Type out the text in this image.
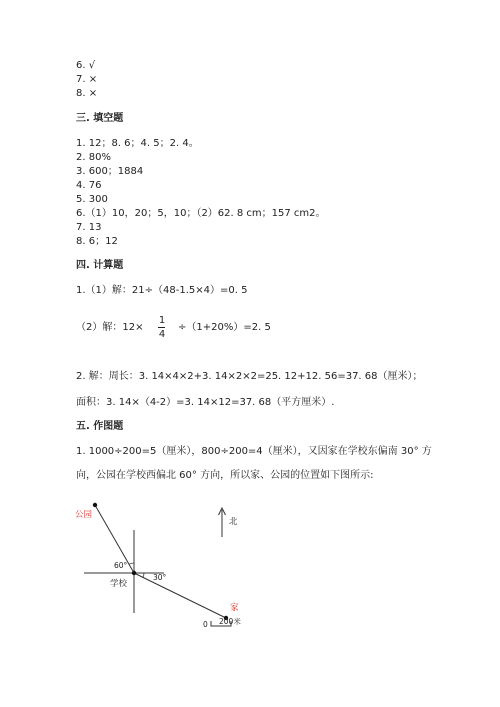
6. √
7. ×
8. ×
三. 填空题
1. 12；8. 6；4. 5；2. 4。
2. 80%
3. 600；1884
4. 76
5. 300
6.（1）10，20；5，10；（2）62. 8 cm；157 cm2。
7. 13
8. 6；12
四. 计算题
1.（1）解：21÷（48-1.5×4）=0. 5
（2）解：12×
1
4
÷（1+20%）=2. 5
2. 解：周长：3. 14×4×2+3. 14×2×2=25. 12+12. 56=37. 68（厘米）；
面积：3. 14×（4-2）=3. 14×12=37. 68（平方厘米）.
五. 作图题
1. 1000÷200=5（厘米），800÷200=4（厘米），又因家在学校东偏南 30° 方
向，公园在学校西偏北 60° 方向，所以家、公园的位置如下图所示:
公园
60°
30°
学校
家
北
0 200米
